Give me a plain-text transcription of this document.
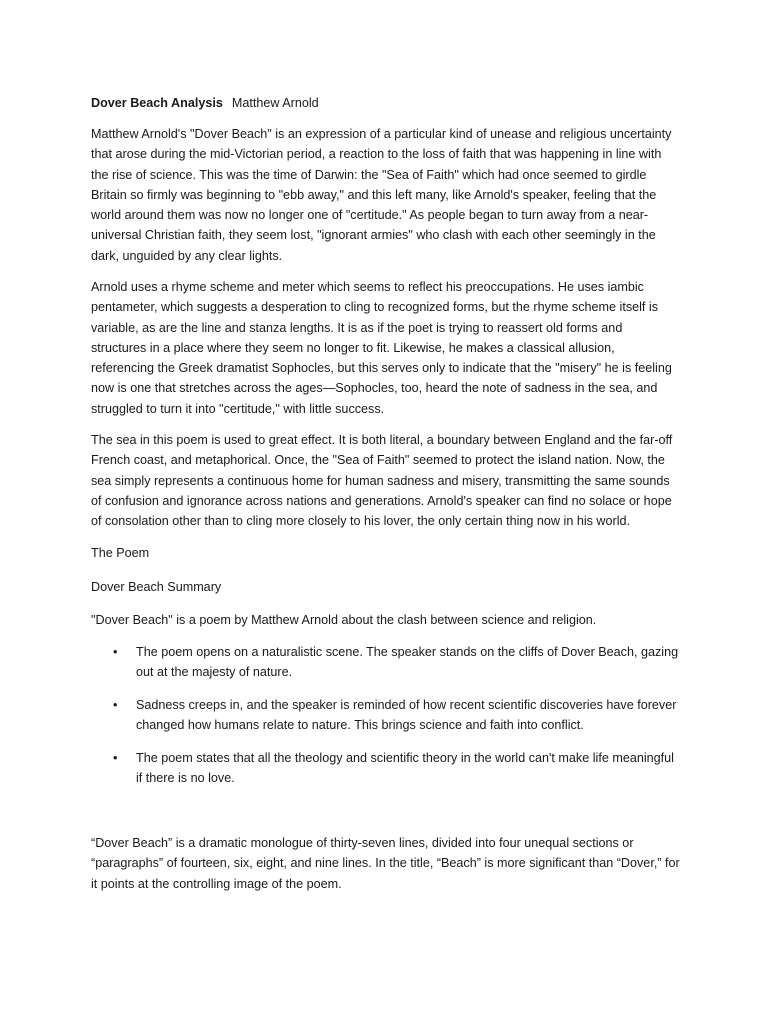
Dover Beach Analysis Matthew Arnold

Matthew Arnold's "Dover Beach" is an expression of a particular kind of unease and religious uncertainty that arose during the mid-Victorian period, a reaction to the loss of faith that was happening in line with the rise of science. This was the time of Darwin: the "Sea of Faith" which had once seemed to girdle Britain so firmly was beginning to "ebb away," and this left many, like Arnold's speaker, feeling that the world around them was now no longer one of "certitude." As people began to turn away from a near-universal Christian faith, they seem lost, "ignorant armies" who clash with each other seemingly in the dark, unguided by any clear lights.

Arnold uses a rhyme scheme and meter which seems to reflect his preoccupations. He uses iambic pentameter, which suggests a desperation to cling to recognized forms, but the rhyme scheme itself is variable, as are the line and stanza lengths. It is as if the poet is trying to reassert old forms and structures in a place where they seem no longer to fit. Likewise, he makes a classical allusion, referencing the Greek dramatist Sophocles, but this serves only to indicate that the "misery" he is feeling now is one that stretches across the ages—Sophocles, too, heard the note of sadness in the sea, and struggled to turn it into "certitude," with little success.

The sea in this poem is used to great effect. It is both literal, a boundary between England and the far-off French coast, and metaphorical. Once, the "Sea of Faith" seemed to protect the island nation. Now, the sea simply represents a continuous home for human sadness and misery, transmitting the same sounds of confusion and ignorance across nations and generations. Arnold's speaker can find no solace or hope of consolation other than to cling more closely to his lover, the only certain thing now in his world.

The Poem

Dover Beach Summary

"Dover Beach" is a poem by Matthew Arnold about the clash between science and religion.

• The poem opens on a naturalistic scene. The speaker stands on the cliffs of Dover Beach, gazing out at the majesty of nature.
• Sadness creeps in, and the speaker is reminded of how recent scientific discoveries have forever changed how humans relate to nature. This brings science and faith into conflict.
• The poem states that all the theology and scientific theory in the world can't make life meaningful if there is no love.

“Dover Beach” is a dramatic monologue of thirty-seven lines, divided into four unequal sections or “paragraphs” of fourteen, six, eight, and nine lines. In the title, “Beach” is more significant than “Dover,” for it points at the controlling image of the poem.
